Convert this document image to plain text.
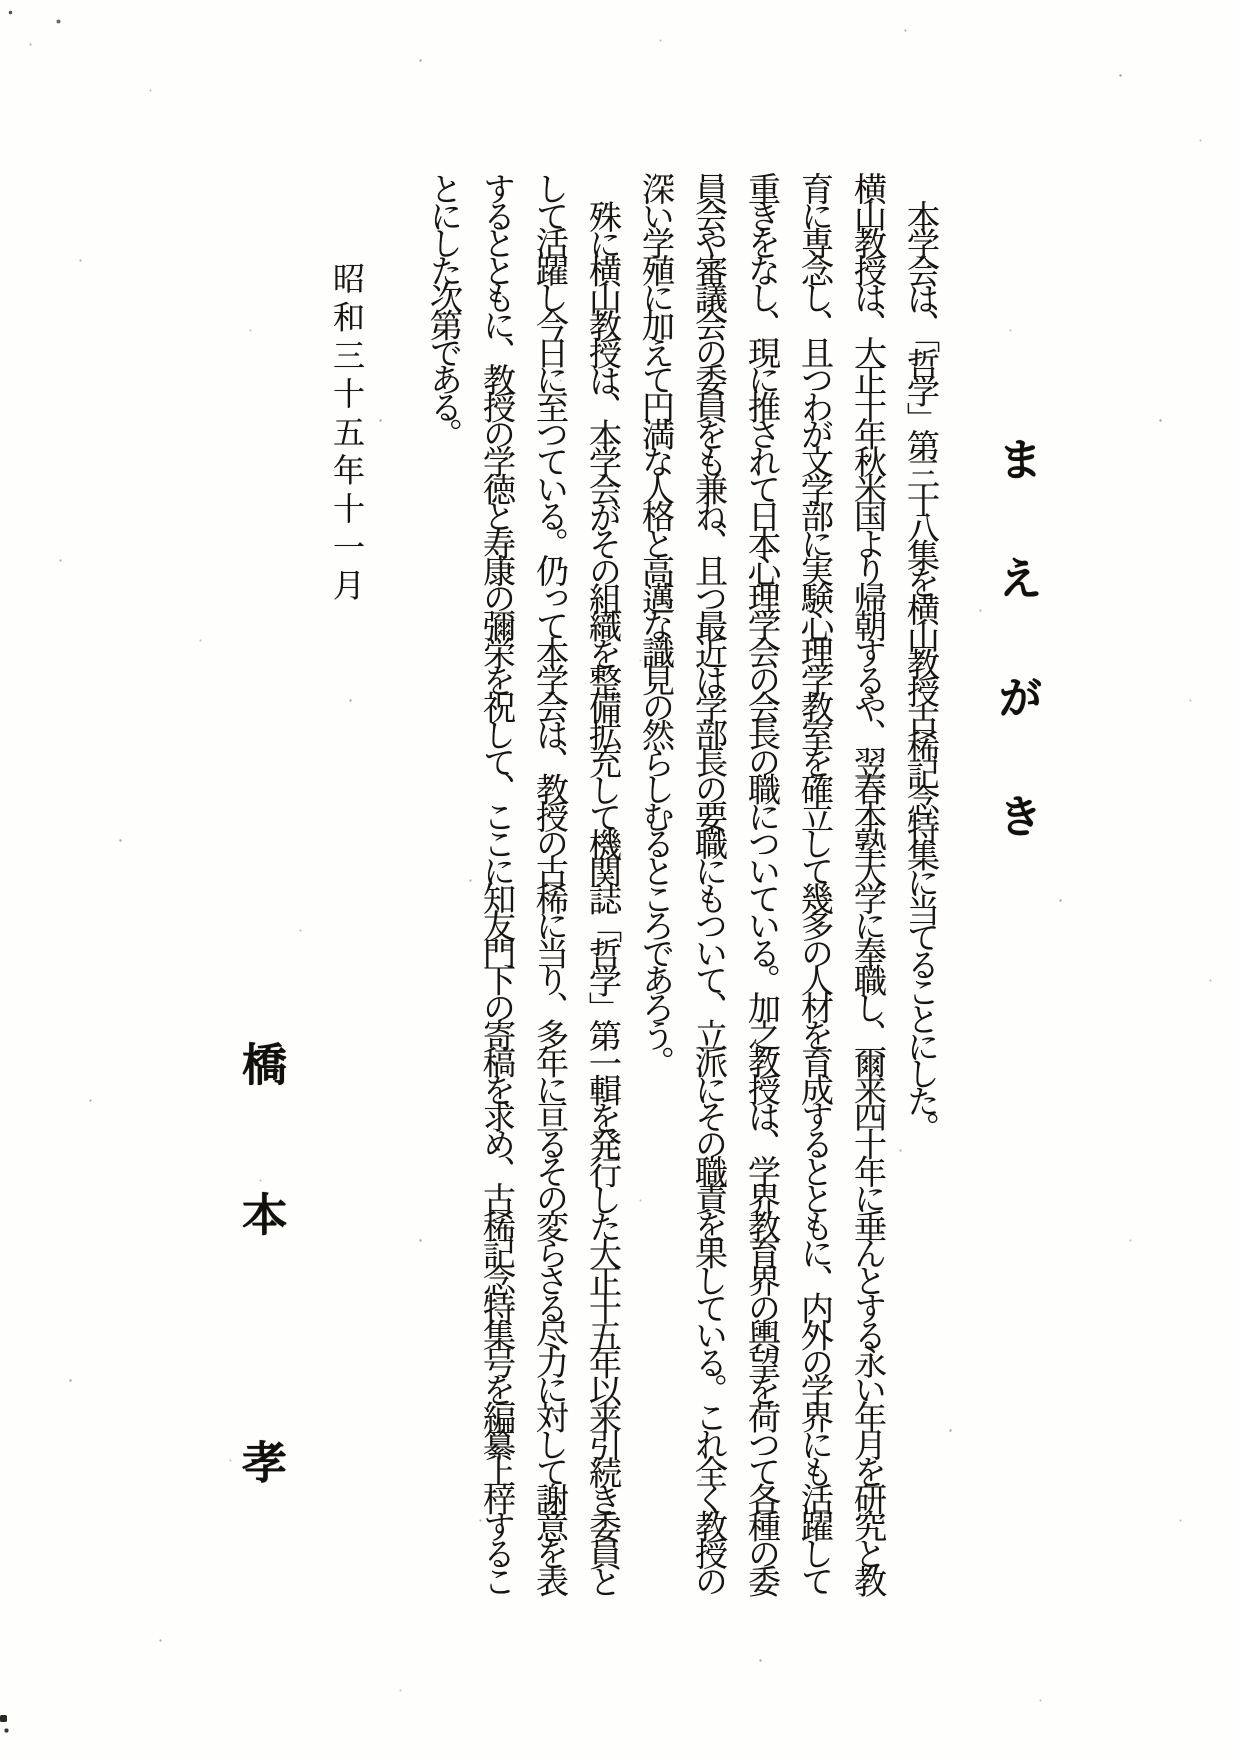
まえがき

本学会は、「哲学」第三十八集を横山教授古稀記念特集に当てることにした。

横山教授は、大正十年秋米国より帰朝するや、翌春本塾大学に奉職し、爾来四十年に垂んとする永い年月を研究と教育に専念し、且つわが文学部に実験心理学教室を確立して幾多の人材を育成するとともに、内外の学界にも活躍して重きをなし、現に推されて日本心理学会の会長の職についている。加之教授は、学界教育界の輿望を荷つて各種の委員会や審議会の委員をも兼ね、且つ最近は学部長の要職にもついて、立派にその職責を果している。これ全く教授の深い学殖に加えて円満な人格と高邁な識見の然らしむるところであろう。

殊に横山教授は、本学会がその組織を整備拡充して機関誌「哲学」第一輯を発行した大正十五年以来引続き委員として活躍し今日に至つている。仍って本学会は、教授の古稀に当り、多年に亘るその変らさる尽力に対して謝意を表するとともに、教授の学徳と寿康の彌栄を祝して、ここに知友門下の寄稿を求め、古稀記念特集号を編纂上梓することにした次第である。

昭和三十五年十一月
橋
本
孝
